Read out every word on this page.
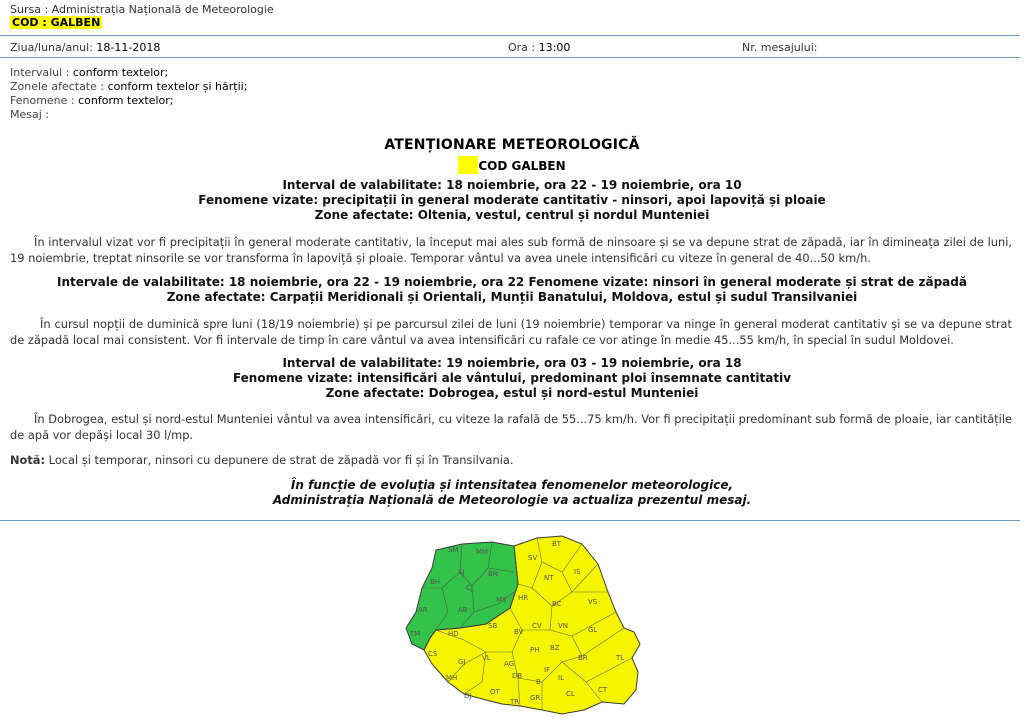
Sursa : Administrația Națională de Meteorologie
COD : GALBEN
Ziua/luna/anul: 18-11-2018	Ora : 13:00	Nr. mesajului:
Intervalul : conform textelor;
Zonele afectate : conform textelor și hărții;
Fenomene : conform textelor;
Mesaj :
ATENȚIONARE METEOROLOGICĂ
COD GALBEN
Interval de valabilitate: 18 noiembrie, ora 22 - 19 noiembrie, ora 10
Fenomene vizate: precipitații în general moderate cantitativ - ninsori, apoi lapoviță și ploaie
Zone afectate: Oltenia, vestul, centrul și nordul Munteniei
În intervalul vizat vor fi precipitații în general moderate cantitativ, la început mai ales sub formă de ninsoare și se va depune strat de zăpadă, iar în dimineața zilei de luni, 19 noiembrie, treptat ninsorile se vor transforma în lapoviță și ploaie. Temporar vântul va avea unele intensificări cu viteze în general de 40...50 km/h.
Intervale de valabilitate: 18 noiembrie, ora 22 - 19 noiembrie, ora 22 Fenomene vizate: ninsori în general moderate și strat de zăpadă
Zone afectate: Carpații Meridionali și Orientali, Munții Banatului, Moldova, estul și sudul Transilvaniei
În cursul nopții de duminică spre luni (18/19 noiembrie) și pe parcursul zilei de luni (19 noiembrie) temporar va ninge în general moderat cantitativ și se va depune strat de zăpadă local mai consistent. Vor fi intervale de timp în care vântul va avea intensificări cu rafale ce vor atinge în medie 45...55 km/h, în special în sudul Moldovei.
Interval de valabilitate: 19 noiembrie, ora 03 - 19 noiembrie, ora 18
Fenomene vizate: intensificări ale vântului, predominant ploi însemnate cantitativ
Zone afectate: Dobrogea, estul și nord-estul Munteniei
În Dobrogea, estul și nord-estul Munteniei vântul va avea intensificări, cu viteze la rafală de 55...75 km/h. Vor fi precipitații predominant sub formă de ploaie, iar cantitățile de apă vor depăși local 30 l/mp.
Notă: Local și temporar, ninsori cu depunere de strat de zăpadă vor fi și în Transilvania.
În funcție de evoluția și intensitatea fenomenelor meteorologice,
Administrația Națională de Meteorologie va actualiza prezentul mesaj.
SM	MM
BH
SJ	BN
CJ
AR	AB
MS
TM	HD
BT
SV
IS
NT
BC	VS
HR
CV VN	GL
SB
BV
CS
GJ VL
AG
PH BZ
BR	TL
MH	DB	IL
OT
DJ
TR GR	CL
B
CT
IF
